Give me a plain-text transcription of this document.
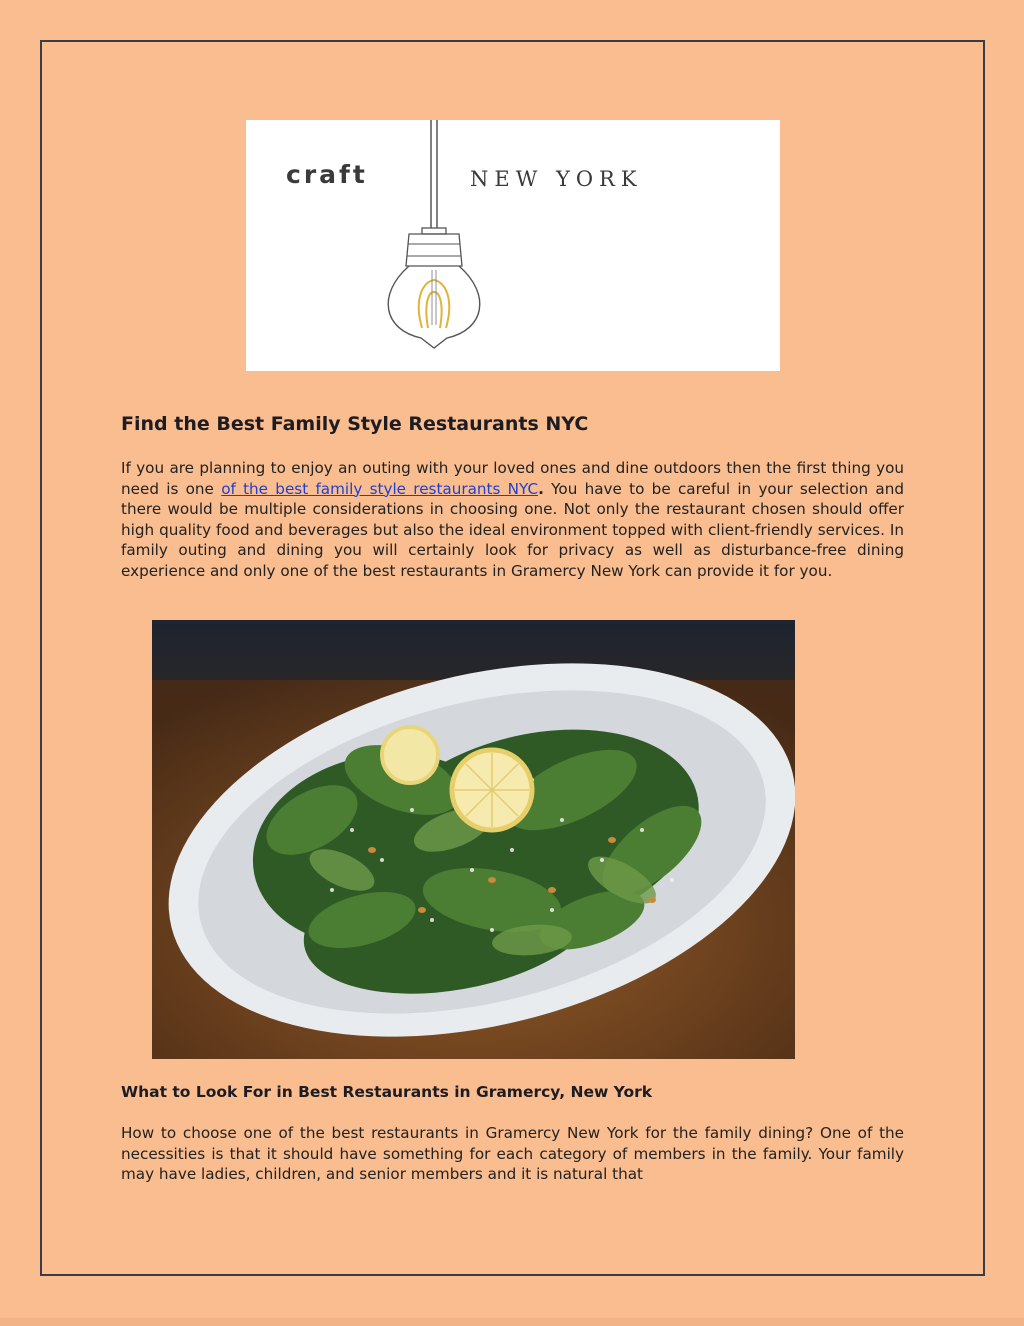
craft	NEW YORK
Find the Best Family Style Restaurants NYC

If you are planning to enjoy an outing with your loved ones and dine outdoors then the first thing you need is one of the best family style restaurants NYC. You have to be careful in your selection and there would be multiple considerations in choosing one. Not only the restaurant chosen should offer high quality food and beverages but also the ideal environment topped with client-friendly services. In family outing and dining you will certainly look for privacy as well as disturbance-free dining experience and only one of the best restaurants in Gramercy New York can provide it for you.

What to Look For in Best Restaurants in Gramercy, New York

How to choose one of the best restaurants in Gramercy New York for the family dining? One of the necessities is that it should have something for each category of members in the family. Your family may have ladies, children, and senior members and it is natural that
